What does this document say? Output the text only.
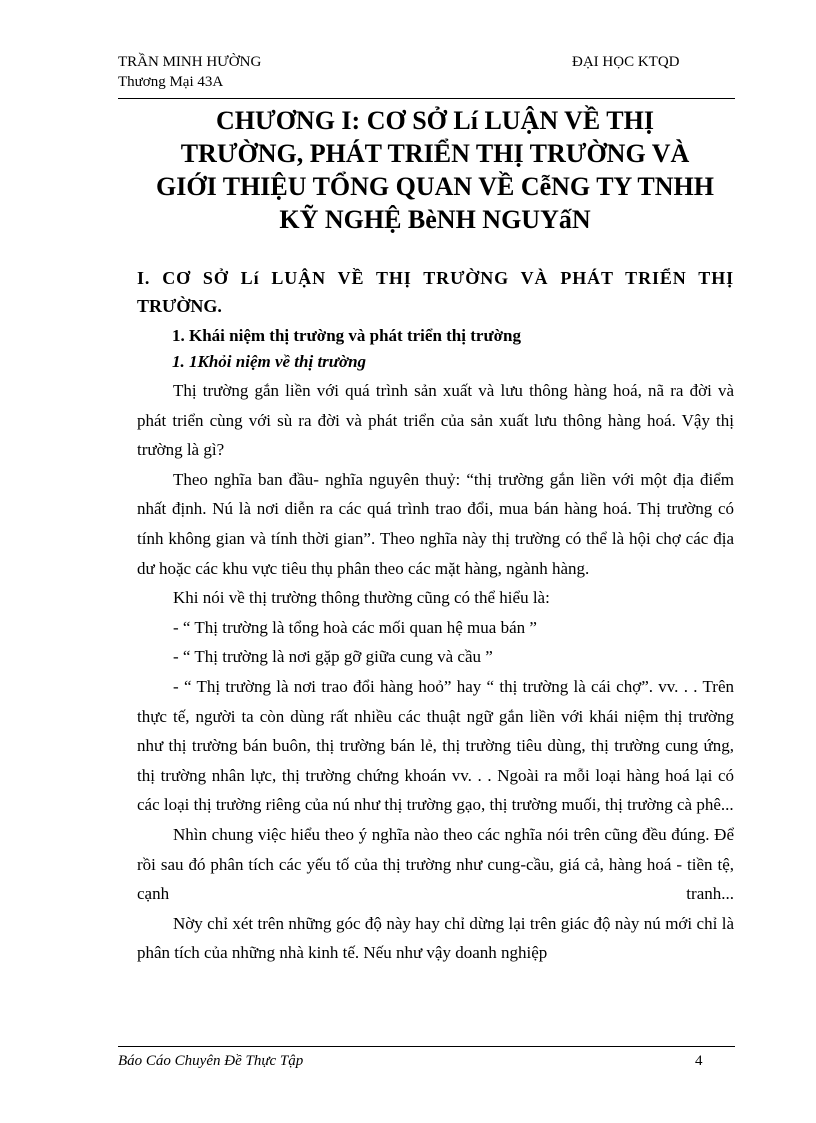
TRẦN MINH HƯỜNG
Thương Mại 43A
ĐẠI HỌC KTQD
CHƯƠNG I: CƠ SỞ Lí LUẬN VỀ THỊ
TRƯỜNG, PHÁT TRIỂN THỊ TRƯỜNG VÀ
GIỚI THIỆU TỔNG QUAN VỀ CễNG TY TNHH
KỸ NGHỆ BèNH NGUYấN
I. CƠ SỞ Lí LUẬN VỀ THỊ TRƯỜNG VÀ PHÁT TRIỂN THỊ
TRƯỜNG.
1. Khái niệm thị trường và phát triển thị trường
1. 1Khỏi niệm về thị trường

Thị trường gắn liền với quá trình sản xuất và lưu thông hàng hoá, nã ra đời và phát triển cùng với sù ra đời và phát triển của sản xuất lưu thông hàng hoá. Vậy thị trường là gì?

Theo nghĩa ban đầu- nghĩa nguyên thuỷ: “thị trường gắn liền với một địa điểm nhất định. Nú là nơi diễn ra các quá trình trao đổi, mua bán hàng hoá. Thị trường có tính không gian và tính thời gian”. Theo nghĩa này thị trường có thể là hội chợ các địa dư hoặc các khu vực tiêu thụ phân theo các mặt hàng, ngành hàng.

Khi nói về thị trường thông thường cũng có thể hiểu là:

- “ Thị trường là tổng hoà các mối quan hệ mua bán ”

- “ Thị trường là nơi gặp gỡ giữa cung và cầu ”

- “ Thị trường là nơi trao đổi hàng hoỏ” hay “ thị trường là cái chợ”. vv. . . Trên thực tế, người ta còn dùng rất nhiều các thuật ngữ gắn liền với khái niệm thị trường như thị trường bán buôn, thị trường bán lẻ, thị trường tiêu dùng, thị trường cung ứng, thị trường nhân lực, thị trường chứng khoán vv. . . Ngoài ra mỗi loại hàng hoá lại có các loại thị trường riêng của nú như thị trường gạo, thị trường muối, thị trường cà phê...

Nhìn chung việc hiểu theo ý nghĩa nào theo các nghĩa nói trên cũng đều đúng. Để rồi sau đó phân tích các yếu tố của thị trường như cung-cầu, giá cả, hàng hoá - tiền tệ, cạnh tranh...

Nờy chỉ xét trên những góc độ này hay chỉ dừng lại trên giác độ này nú mới chỉ là phân tích của những nhà kinh tế. Nếu như vậy doanh nghiệp

Báo Cáo Chuyên Đề Thực Tập	4
